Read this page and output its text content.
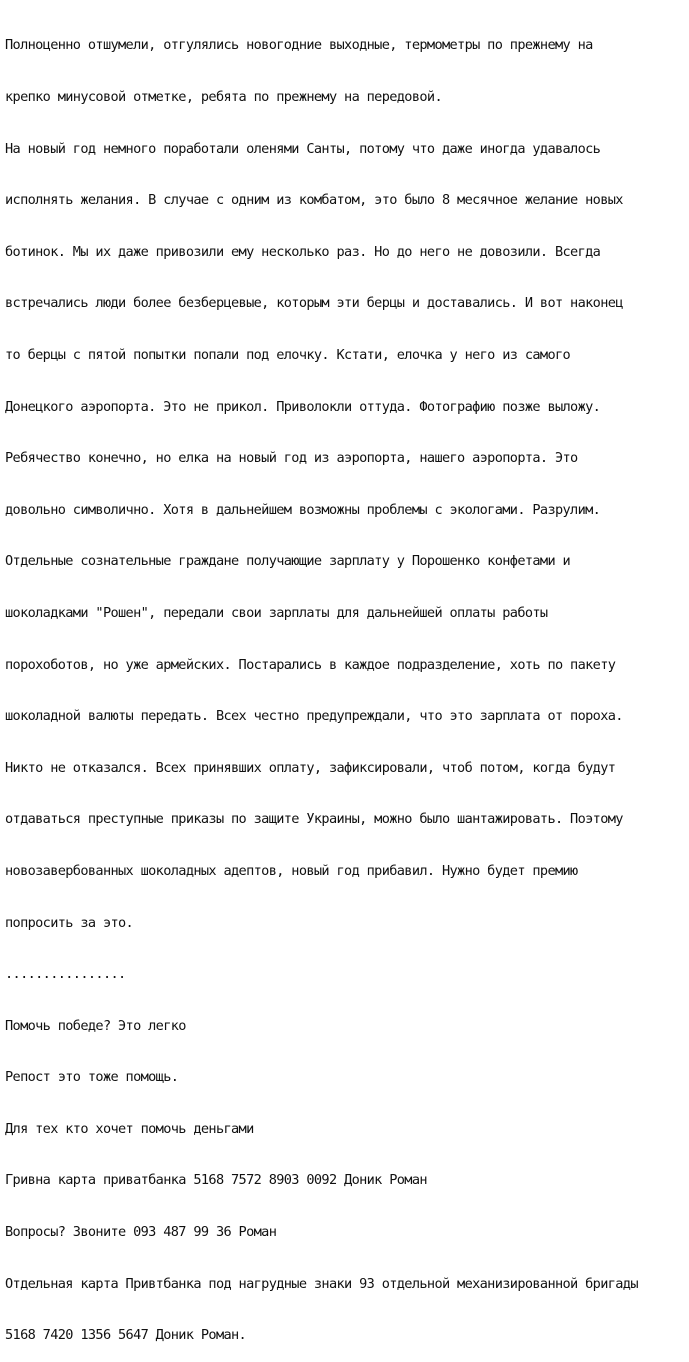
Полноценно отшумели, отгулялись новогодние выходные, термометры по прежнему на

крепко минусовой отметке, ребята по прежнему на передовой.

На новый год немного поработали оленями Санты, потому что даже иногда удавалось

исполнять желания. В случае с одним из комбатом, это было 8 месячное желание новых

ботинок. Мы их даже привозили ему несколько раз. Но до него не довозили. Всегда

встречались люди более безберцевые, которым эти берцы и доставались. И вот наконец

то берцы с пятой попытки попали под елочку. Кстати, елочка у него из самого

Донецкого аэропорта. Это не прикол. Приволокли оттуда. Фотографию позже выложу.

Ребячество конечно, но елка на новый год из аэропорта, нашего аэропорта. Это

довольно символично. Хотя в дальнейшем возможны проблемы с экологами. Разрулим.

Отдельные сознательные граждане получающие зарплату у Порошенко конфетами и

шоколадками "Рошен", передали свои зарплаты для дальнейшей оплаты работы

порохоботов, но уже армейских. Постарались в каждое подразделение, хоть по пакету

шоколадной валюты передать. Всех честно предупреждали, что это зарплата от пороха.

Никто не отказался. Всех принявших оплату, зафиксировали, чтоб потом, когда будут

отдаваться преступные приказы по защите Украины, можно было шантажировать. Поэтому

новозавербованных шоколадных адептов, новый год прибавил. Нужно будет премию

попросить за это.

................

Помочь победе? Это легко

Репост это тоже помощь.

Для тех кто хочет помочь деньгами

Гривна карта приватбанка 5168 7572 8903 0092 Доник Роман

Вопросы? Звоните 093 487 99 36 Роман

Отдельная карта Привтбанка под нагрудные знаки 93 отдельной механизированной бригады

5168 7420 1356 5647 Доник Роман.
